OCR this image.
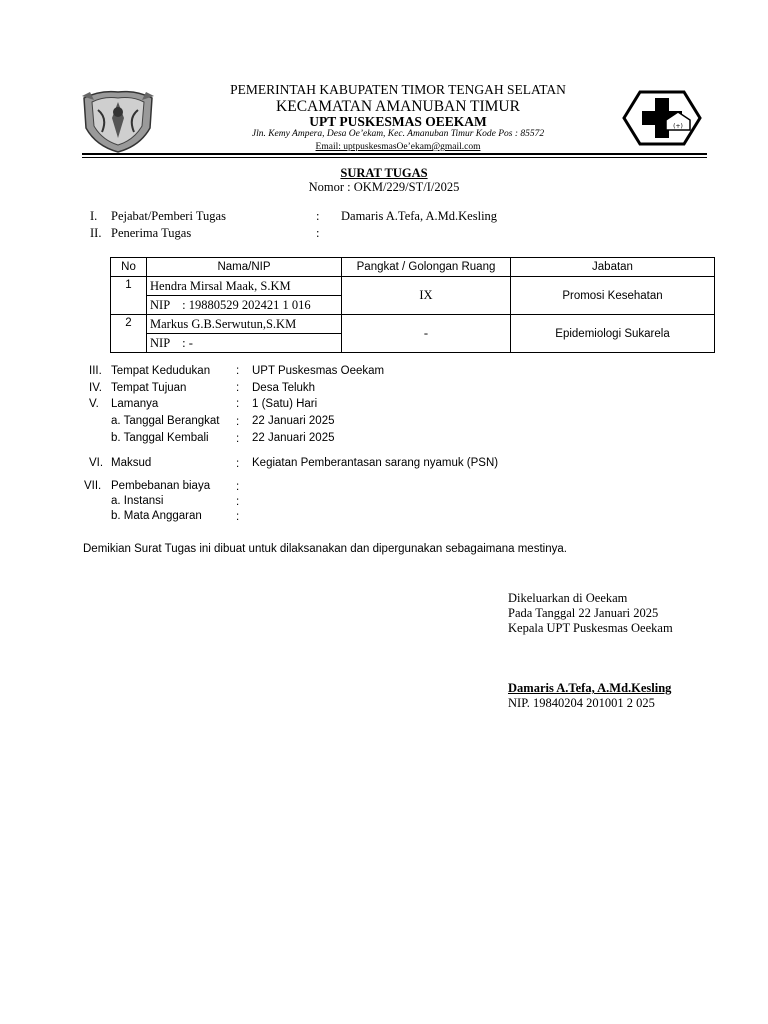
(+)
PEMERINTAH KABUPATEN TIMOR TENGAH SELATAN
KECAMATAN AMANUBAN TIMUR
UPT PUSKESMAS OEEKAM
Jln. Kemy Ampera, Desa Oe’ekam, Kec. Amanuban Timur Kode Pos : 85572
Email: uptpuskesmasOe’ekam@gmail.com
SURAT TUGAS
Nomor : OKM/229/ST/I/2025
I. Pejabat/Pemberi Tugas	: Damaris A.Tefa, A.Md.Kesling
II. Penerima Tugas	:
No	Nama/NIP	Pangkat / Golongan Ruang	Jabatan
1	Hendra Mirsal Maak, S.KM	IX	Promosi Kesehatan
	NIP    : 19880529 202421 1 016		
2	Markus G.B.Serwutun,S.KM	-	Epidemiologi Sukarela
	NIP    : -		
III. Tempat Kedudukan : UPT Puskesmas Oeekam
IV. Tempat Tujuan	: Desa Telukh
V. Lamanya	: 1 (Satu) Hari
a. Tanggal Berangkat : 22 Januari 2025
b. Tanggal Kembali : 22 Januari 2025
VI. Maksud	: Kegiatan Pemberantasan sarang nyamuk (PSN)
VII. Pembebanan biaya :
a. Instansi	:
b. Mata Anggaran	:
Demikian Surat Tugas ini dibuat untuk dilaksanakan dan dipergunakan sebagaimana mestinya.
Dikeluarkan di Oeekam
Pada Tanggal 22 Januari 2025
Kepala UPT Puskesmas Oeekam
Damaris A.Tefa, A.Md.Kesling
NIP. 19840204 201001 2 025
